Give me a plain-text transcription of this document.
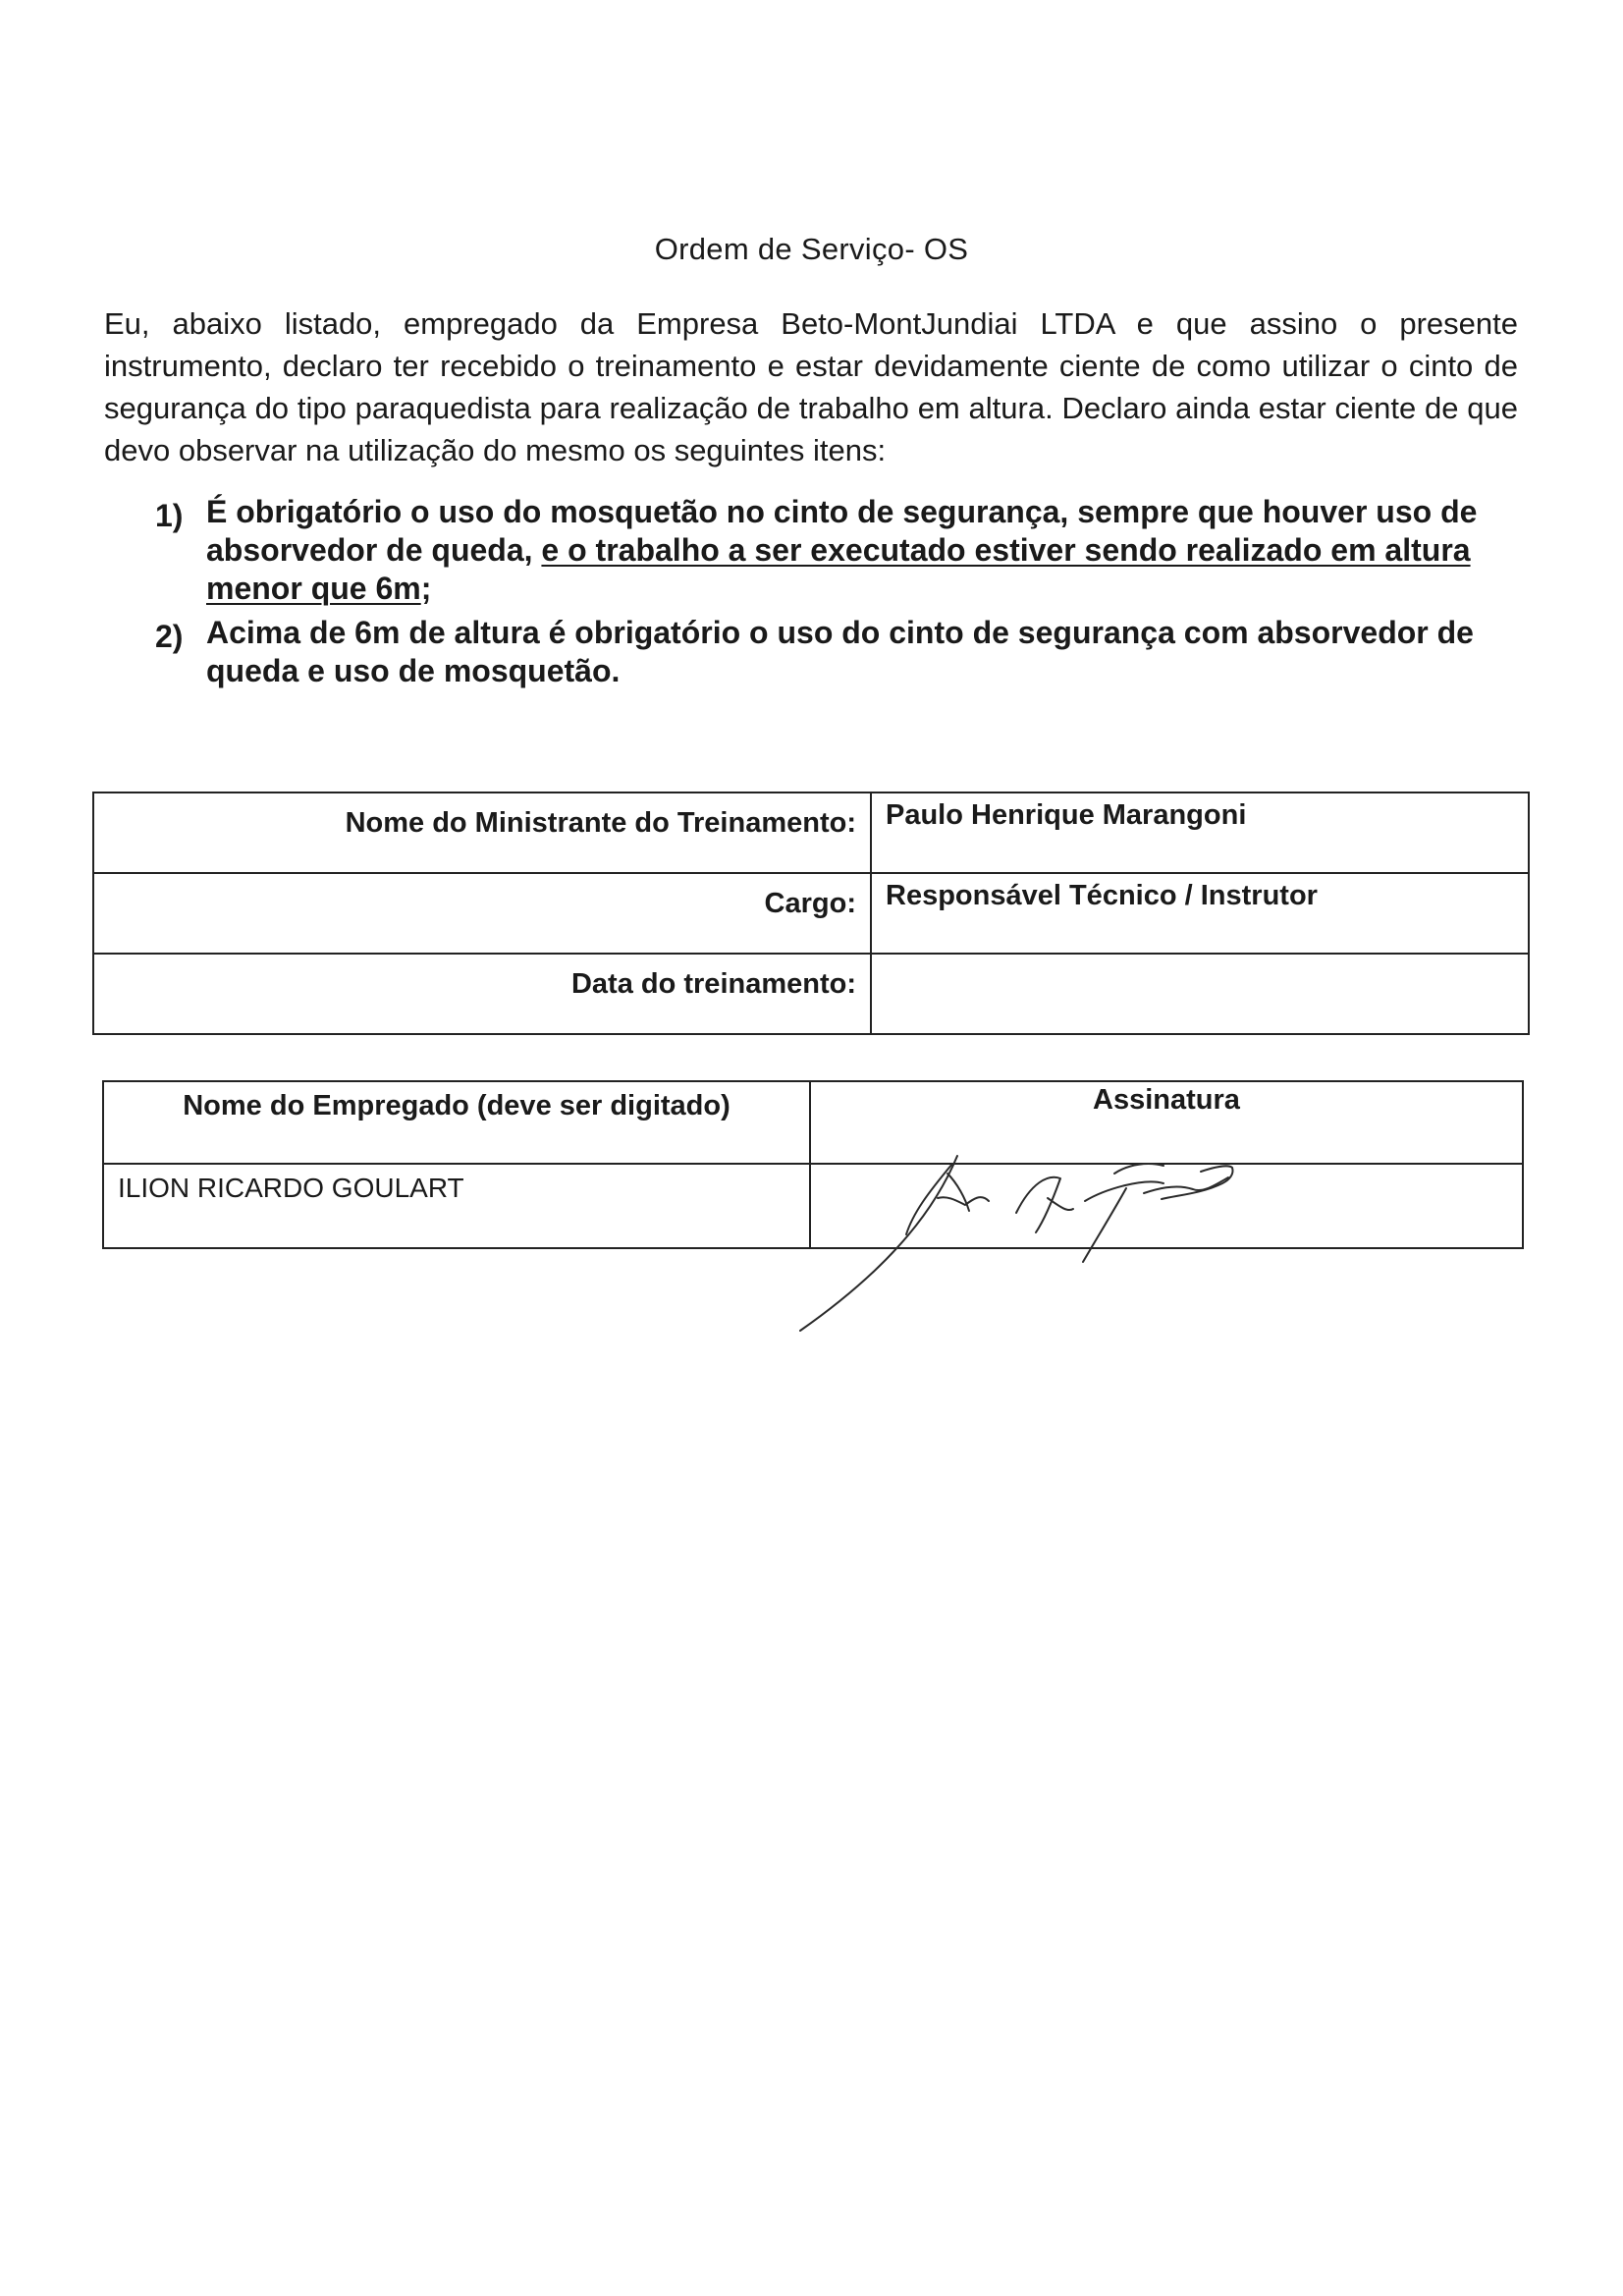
Ordem de Serviço- OS

Eu, abaixo listado, empregado da Empresa Beto-MontJundiai LTDA e que assino o presente instrumento, declaro ter recebido o treinamento e estar devidamente ciente de como utilizar o cinto de segurança do tipo paraquedista para realização de trabalho em altura. Declaro ainda estar ciente de que devo observar na utilização do mesmo os seguintes itens:

1) É obrigatório o uso do mosquetão no cinto de segurança, sempre que houver uso de absorvedor de queda, e o trabalho a ser executado estiver sendo realizado em altura menor que 6m;
2) Acima de 6m de altura é obrigatório o uso do cinto de segurança com absorvedor de queda e uso de mosquetão.
Nome do Ministrante do Treinamento:	Paulo Henrique Marangoni
Cargo:	Responsável Técnico / Instrutor
Data do treinamento:	
Nome do Empregado (deve ser digitado)	Assinatura
ILION RICARDO GOULART	
